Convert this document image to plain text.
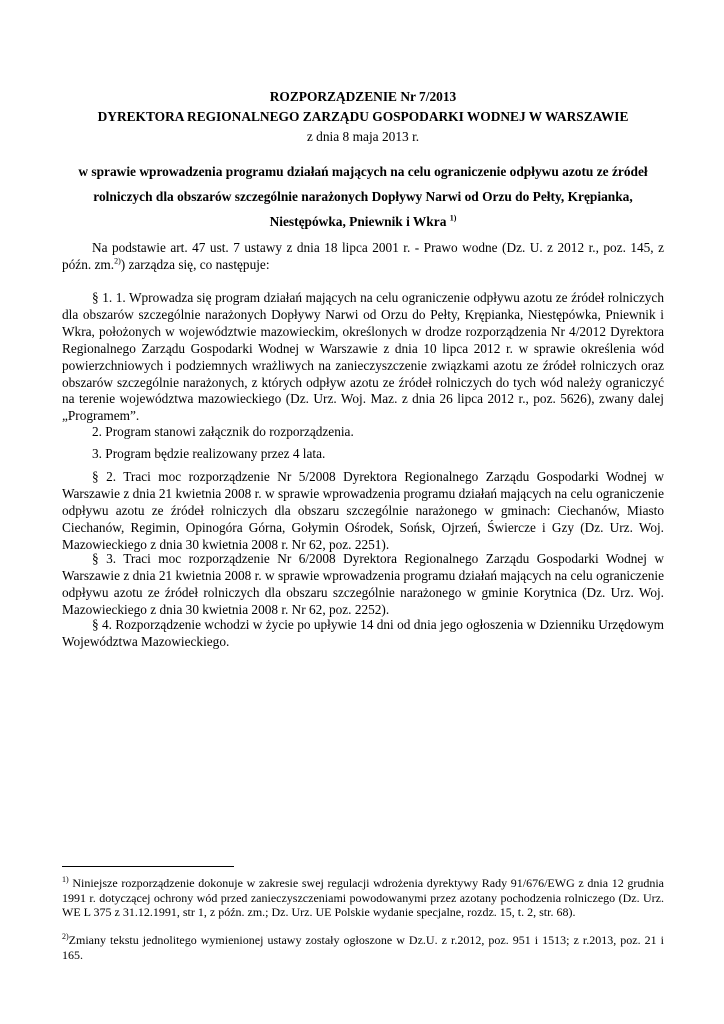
ROZPORZĄDZENIE Nr 7/2013

DYREKTORA REGIONALNEGO ZARZĄDU GOSPODARKI WODNEJ W WARSZAWIE

z dnia 8 maja 2013 r.

w sprawie wprowadzenia programu działań mających na celu ograniczenie odpływu azotu ze źródeł
rolniczych dla obszarów szczególnie narażonych Dopływy Narwi od Orzu do Pełty, Krępianka,
Niestępówka, Pniewnik i Wkra $^{1)}$

Na podstawie art. 47 ust. 7 ustawy z dnia 18 lipca 2001 r. - Prawo wodne (Dz. U. z 2012 r., poz. 145, z późn. zm.$^{2)}$) zarządza się, co następuje:

§ 1. 1. Wprowadza się program działań mających na celu ograniczenie odpływu azotu ze źródeł rolniczych dla obszarów szczególnie narażonych Dopływy Narwi od Orzu do Pełty, Krępianka, Niestępówka, Pniewnik i Wkra, położonych w województwie mazowieckim, określonych w drodze rozporządzenia Nr 4/2012 Dyrektora Regionalnego Zarządu Gospodarki Wodnej w Warszawie z dnia 10 lipca 2012 r. w sprawie określenia wód powierzchniowych i podziemnych wrażliwych na zanieczyszczenie związkami azotu ze źródeł rolniczych oraz obszarów szczególnie narażonych, z których odpływ azotu ze źródeł rolniczych do tych wód należy ograniczyć na terenie województwa mazowieckiego (Dz. Urz. Woj. Maz. z dnia 26 lipca 2012 r., poz. 5626), zwany dalej „Programem”.

2. Program stanowi załącznik do rozporządzenia.

3. Program będzie realizowany przez 4 lata.

§ 2. Traci moc rozporządzenie Nr 5/2008 Dyrektora Regionalnego Zarządu Gospodarki Wodnej w Warszawie z dnia 21 kwietnia 2008 r. w sprawie wprowadzenia programu działań mających na celu ograniczenie odpływu azotu ze źródeł rolniczych dla obszaru szczególnie narażonego w gminach: Ciechanów, Miasto Ciechanów, Regimin, Opinogóra Górna, Gołymin Ośrodek, Sońsk, Ojrzeń, Świercze i Gzy (Dz. Urz. Woj. Mazowieckiego z dnia 30 kwietnia 2008 r. Nr 62, poz. 2251).

§ 3. Traci moc rozporządzenie Nr 6/2008 Dyrektora Regionalnego Zarządu Gospodarki Wodnej w Warszawie z dnia 21 kwietnia 2008 r. w sprawie wprowadzenia programu działań mających na celu ograniczenie odpływu azotu ze źródeł rolniczych dla obszaru szczególnie narażonego w gminie Korytnica (Dz. Urz. Woj. Mazowieckiego z dnia 30 kwietnia 2008 r. Nr 62, poz. 2252).

§ 4. Rozporządzenie wchodzi w życie po upływie 14 dni od dnia jego ogłoszenia w Dzienniku Urzędowym Województwa Mazowieckiego.

$^{1)}$ Niniejsze rozporządzenie dokonuje w zakresie swej regulacji wdrożenia dyrektywy Rady 91/676/EWG z dnia 12 grudnia 1991 r. dotyczącej ochrony wód przed zanieczyszczeniami powodowanymi przez azotany pochodzenia rolniczego (Dz. Urz. WE L 375 z 31.12.1991, str 1, z późn. zm.; Dz. Urz. UE Polskie wydanie specjalne, rozdz. 15, t. 2, str. 68).

$^{2)}$Zmiany tekstu jednolitego wymienionej ustawy zostały ogłoszone w Dz.U. z r.2012, poz. 951 i 1513; z r.2013, poz. 21 i 165.
